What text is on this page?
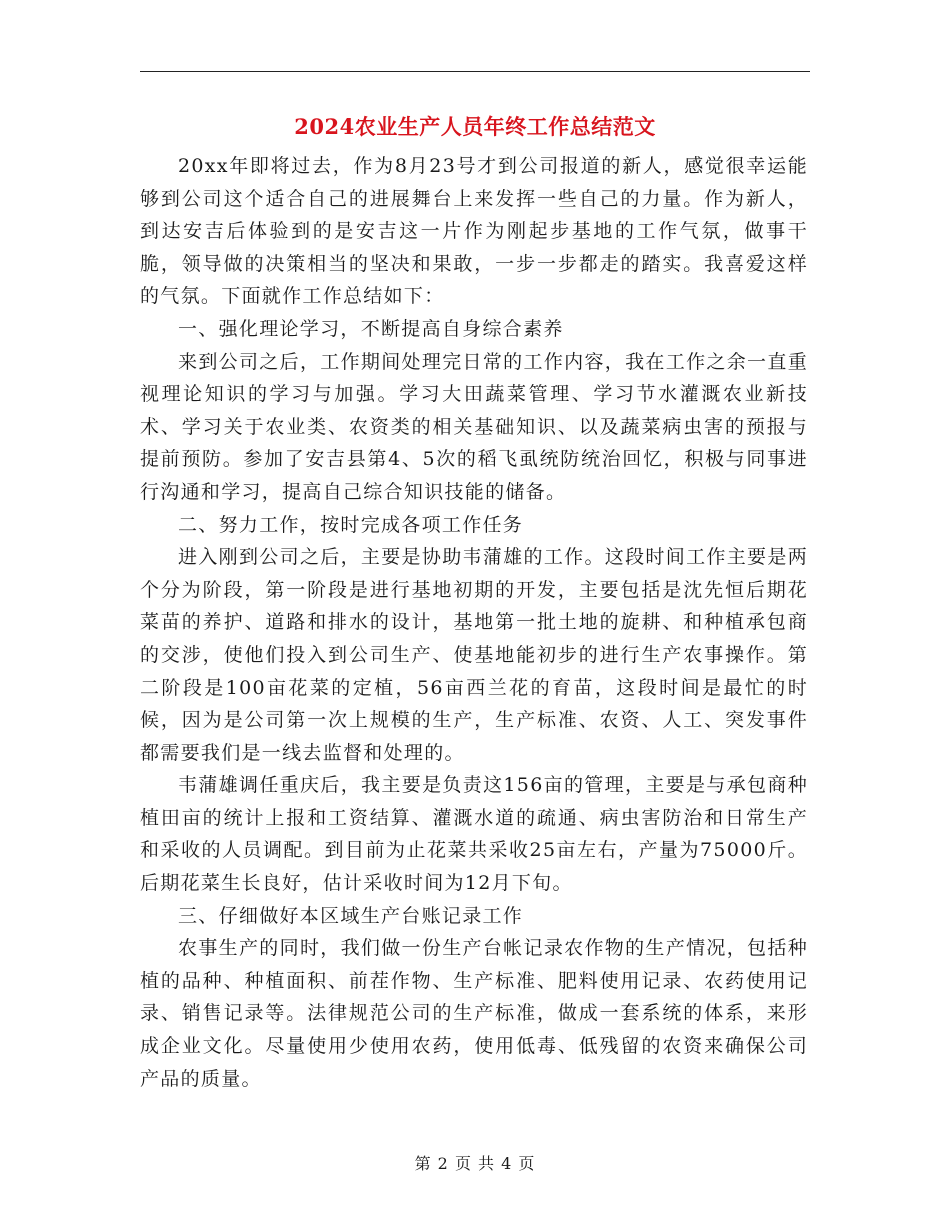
2024农业生产人员年终工作总结范文

20xx年即将过去，作为8月23号才到公司报道的新人，感觉很幸运能够到公司这个适合自己的进展舞台上来发挥一些自己的力量。作为新人，到达安吉后体验到的是安吉这一片作为刚起步基地的工作气氛，做事干脆，领导做的决策相当的坚决和果敢，一步一步都走的踏实。我喜爱这样的气氛。下面就作工作总结如下：

一、强化理论学习，不断提高自身综合素养

来到公司之后，工作期间处理完日常的工作内容，我在工作之余一直重视理论知识的学习与加强。学习大田蔬菜管理、学习节水灌溉农业新技术、学习关于农业类、农资类的相关基础知识、以及蔬菜病虫害的预报与提前预防。参加了安吉县第4、5次的稻飞虱统防统治回忆，积极与同事进行沟通和学习，提高自己综合知识技能的储备。

二、努力工作，按时完成各项工作任务

进入刚到公司之后，主要是协助韦蒲雄的工作。这段时间工作主要是两个分为阶段，第一阶段是进行基地初期的开发，主要包括是沈先恒后期花菜苗的养护、道路和排水的设计，基地第一批土地的旋耕、和种植承包商的交涉，使他们投入到公司生产、使基地能初步的进行生产农事操作。第二阶段是100亩花菜的定植，56亩西兰花的育苗，这段时间是最忙的时候，因为是公司第一次上规模的生产，生产标准、农资、人工、突发事件都需要我们是一线去监督和处理的。

韦蒲雄调任重庆后，我主要是负责这156亩的管理，主要是与承包商种植田亩的统计上报和工资结算、灌溉水道的疏通、病虫害防治和日常生产和采收的人员调配。到目前为止花菜共采收25亩左右，产量为75000斤。后期花菜生长良好，估计采收时间为12月下旬。

三、仔细做好本区域生产台账记录工作

农事生产的同时，我们做一份生产台帐记录农作物的生产情况，包括种植的品种、种植面积、前茬作物、生产标准、肥料使用记录、农药使用记录、销售记录等。法律规范公司的生产标准，做成一套系统的体系，来形成企业文化。尽量使用少使用农药，使用低毒、低残留的农资来确保公司产品的质量。

第 2 页 共 4 页
